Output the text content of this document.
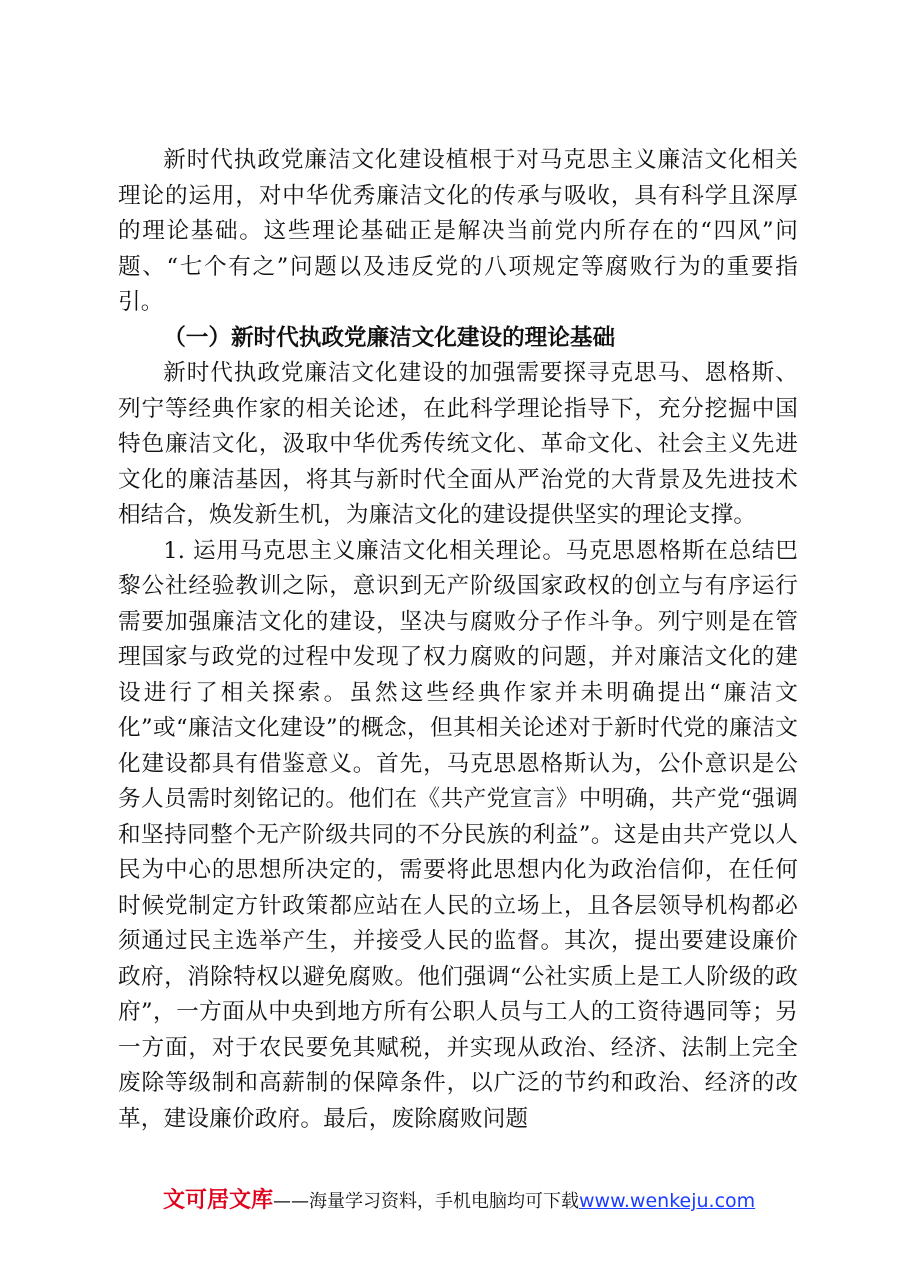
新时代执政党廉洁文化建设植根于对马克思主义廉洁文化相关理论的运用，对中华优秀廉洁文化的传承与吸收，具有科学且深厚的理论基础。这些理论基础正是解决当前党内所存在的“四风”问题、“七个有之”问题以及违反党的八项规定等腐败行为的重要指引。

（一）新时代执政党廉洁文化建设的理论基础

新时代执政党廉洁文化建设的加强需要探寻克思马、恩格斯、列宁等经典作家的相关论述，在此科学理论指导下，充分挖掘中国特色廉洁文化，汲取中华优秀传统文化、革命文化、社会主义先进文化的廉洁基因，将其与新时代全面从严治党的大背景及先进技术相结合，焕发新生机，为廉洁文化的建设提供坚实的理论支撑。

1. 运用马克思主义廉洁文化相关理论。马克思恩格斯在总结巴黎公社经验教训之际，意识到无产阶级国家政权的创立与有序运行需要加强廉洁文化的建设，坚决与腐败分子作斗争。列宁则是在管理国家与政党的过程中发现了权力腐败的问题，并对廉洁文化的建设进行了相关探索。虽然这些经典作家并未明确提出“廉洁文化”或“廉洁文化建设”的概念，但其相关论述对于新时代党的廉洁文化建设都具有借鉴意义。首先，马克思恩格斯认为，公仆意识是公务人员需时刻铭记的。他们在《共产党宣言》中明确，共产党“强调和坚持同整个无产阶级共同的不分民族的利益”。这是由共产党以人民为中心的思想所决定的，需要将此思想内化为政治信仰，在任何时候党制定方针政策都应站在人民的立场上，且各层领导机构都必须通过民主选举产生，并接受人民的监督。其次，提出要建设廉价政府，消除特权以避免腐败。他们强调“公社实质上是工人阶级的政府”，一方面从中央到地方所有公职人员与工人的工资待遇同等；另一方面，对于农民要免其赋税，并实现从政治、经济、法制上完全废除等级制和高薪制的保障条件，以广泛的节约和政治、经济的改革，建设廉价政府。最后，废除腐败问题

文可居文库——海量学习资料，手机电脑均可下载www.wenkeju.com
